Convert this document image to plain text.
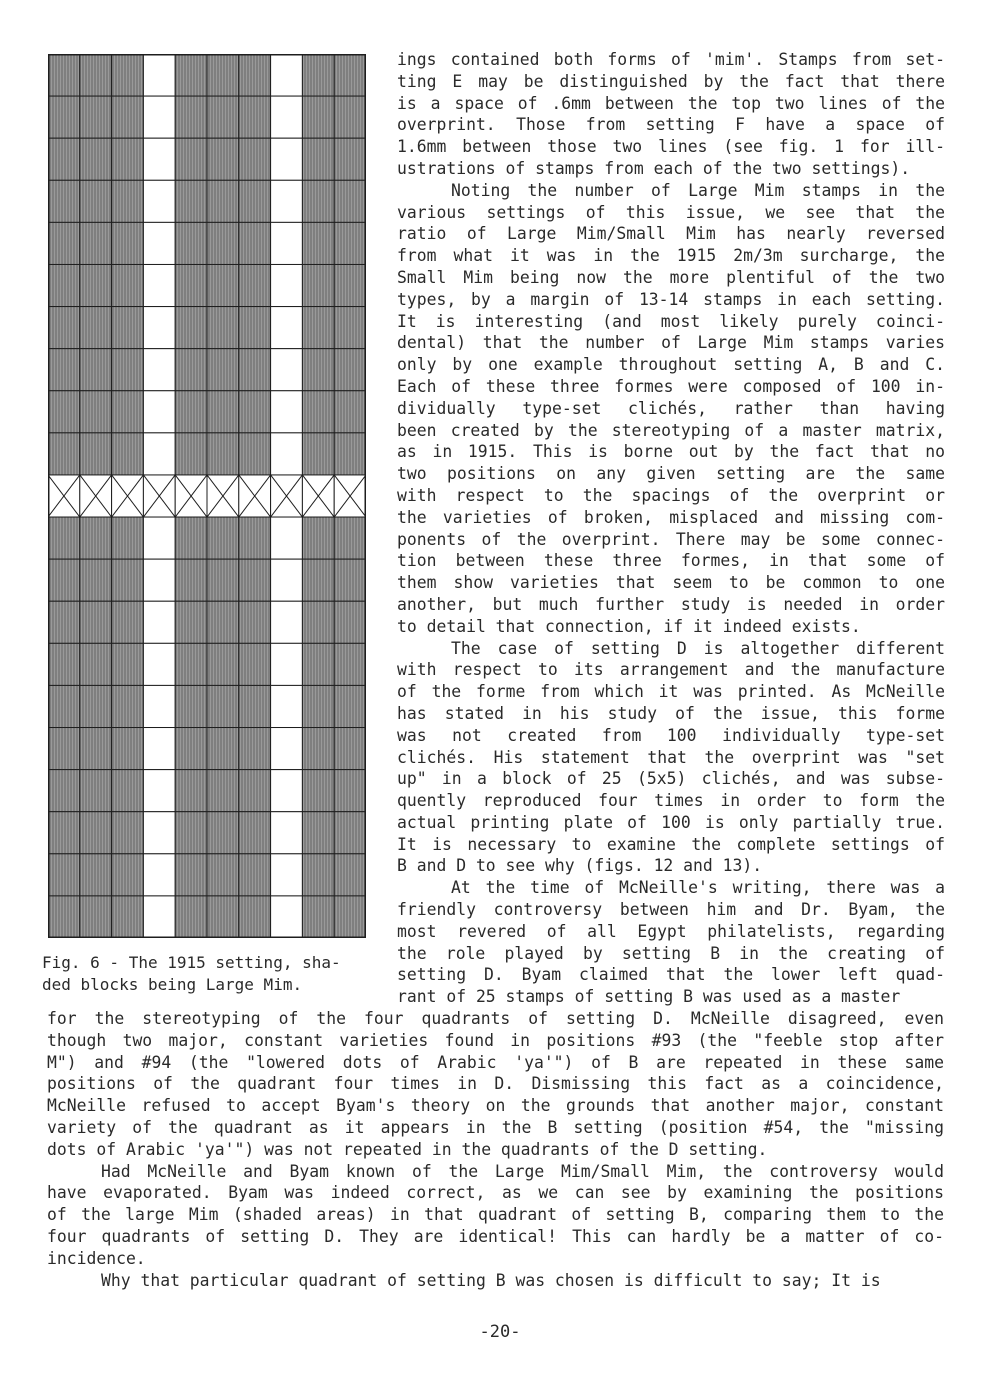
Fig. 6 - The 1915 setting, sha-
ded blocks being Large Mim.

ings contained both forms of 'mim'. Stamps from set-
ting E may be distinguished by the fact that there
is a space of .6mm between the top two lines of the
overprint. Those from setting F have a space of
1.6mm between those two lines (see fig. 1 for ill-
ustrations of stamps from each of the two settings).
Noting the number of Large Mim stamps in the
various settings of this issue, we see that the
ratio of Large Mim/Small Mim has nearly reversed
from what it was in the 1915 2m/3m surcharge, the
Small Mim being now the more plentiful of the two
types, by a margin of 13-14 stamps in each setting.
It is interesting (and most likely purely coinci-
dental) that the number of Large Mim stamps varies
only by one example throughout setting A, B and C.
Each of these three formes were composed of 100 in-
dividually type-set clichés, rather than having
been created by the stereotyping of a master matrix,
as in 1915. This is borne out by the fact that no
two positions on any given setting are the same
with respect to the spacings of the overprint or
the varieties of broken, misplaced and missing com-
ponents of the overprint. There may be some connec-
tion between these three formes, in that some of
them show varieties that seem to be common to one
another, but much further study is needed in order
to detail that connection, if it indeed exists.
The case of setting D is altogether different
with respect to its arrangement and the manufacture
of the forme from which it was printed. As McNeille
has stated in his study of the issue, this forme
was not created from 100 individually type-set
clichés. His statement that the overprint was "set
up" in a block of 25 (5x5) clichés, and was subse-
quently reproduced four times in order to form the
actual printing plate of 100 is only partially true.
It is necessary to examine the complete settings of
B and D to see why (figs. 12 and 13).
At the time of McNeille's writing, there was a
friendly controversy between him and Dr. Byam, the
most revered of all Egypt philatelists, regarding
the role played by setting B in the creating of
setting D. Byam claimed that the lower left quad-
rant of 25 stamps of setting B was used as a master
for the stereotyping of the four quadrants of setting D. McNeille disagreed, even
though two major, constant varieties found in positions #93 (the "feeble stop after
M") and #94 (the "lowered dots of Arabic 'ya'") of B are repeated in these same
positions of the quadrant four times in D. Dismissing this fact as a coincidence,
McNeille refused to accept Byam's theory on the grounds that another major, constant
variety of the quadrant as it appears in the B setting (position #54, the "missing
dots of Arabic 'ya'") was not repeated in the quadrants of the D setting.
Had McNeille and Byam known of the Large Mim/Small Mim, the controversy would
have evaporated. Byam was indeed correct, as we can see by examining the positions
of the large Mim (shaded areas) in that quadrant of setting B, comparing them to the
four quadrants of setting D. They are identical! This can hardly be a matter of co-
incidence.
Why that particular quadrant of setting B was chosen is difficult to say; It is
-20-
